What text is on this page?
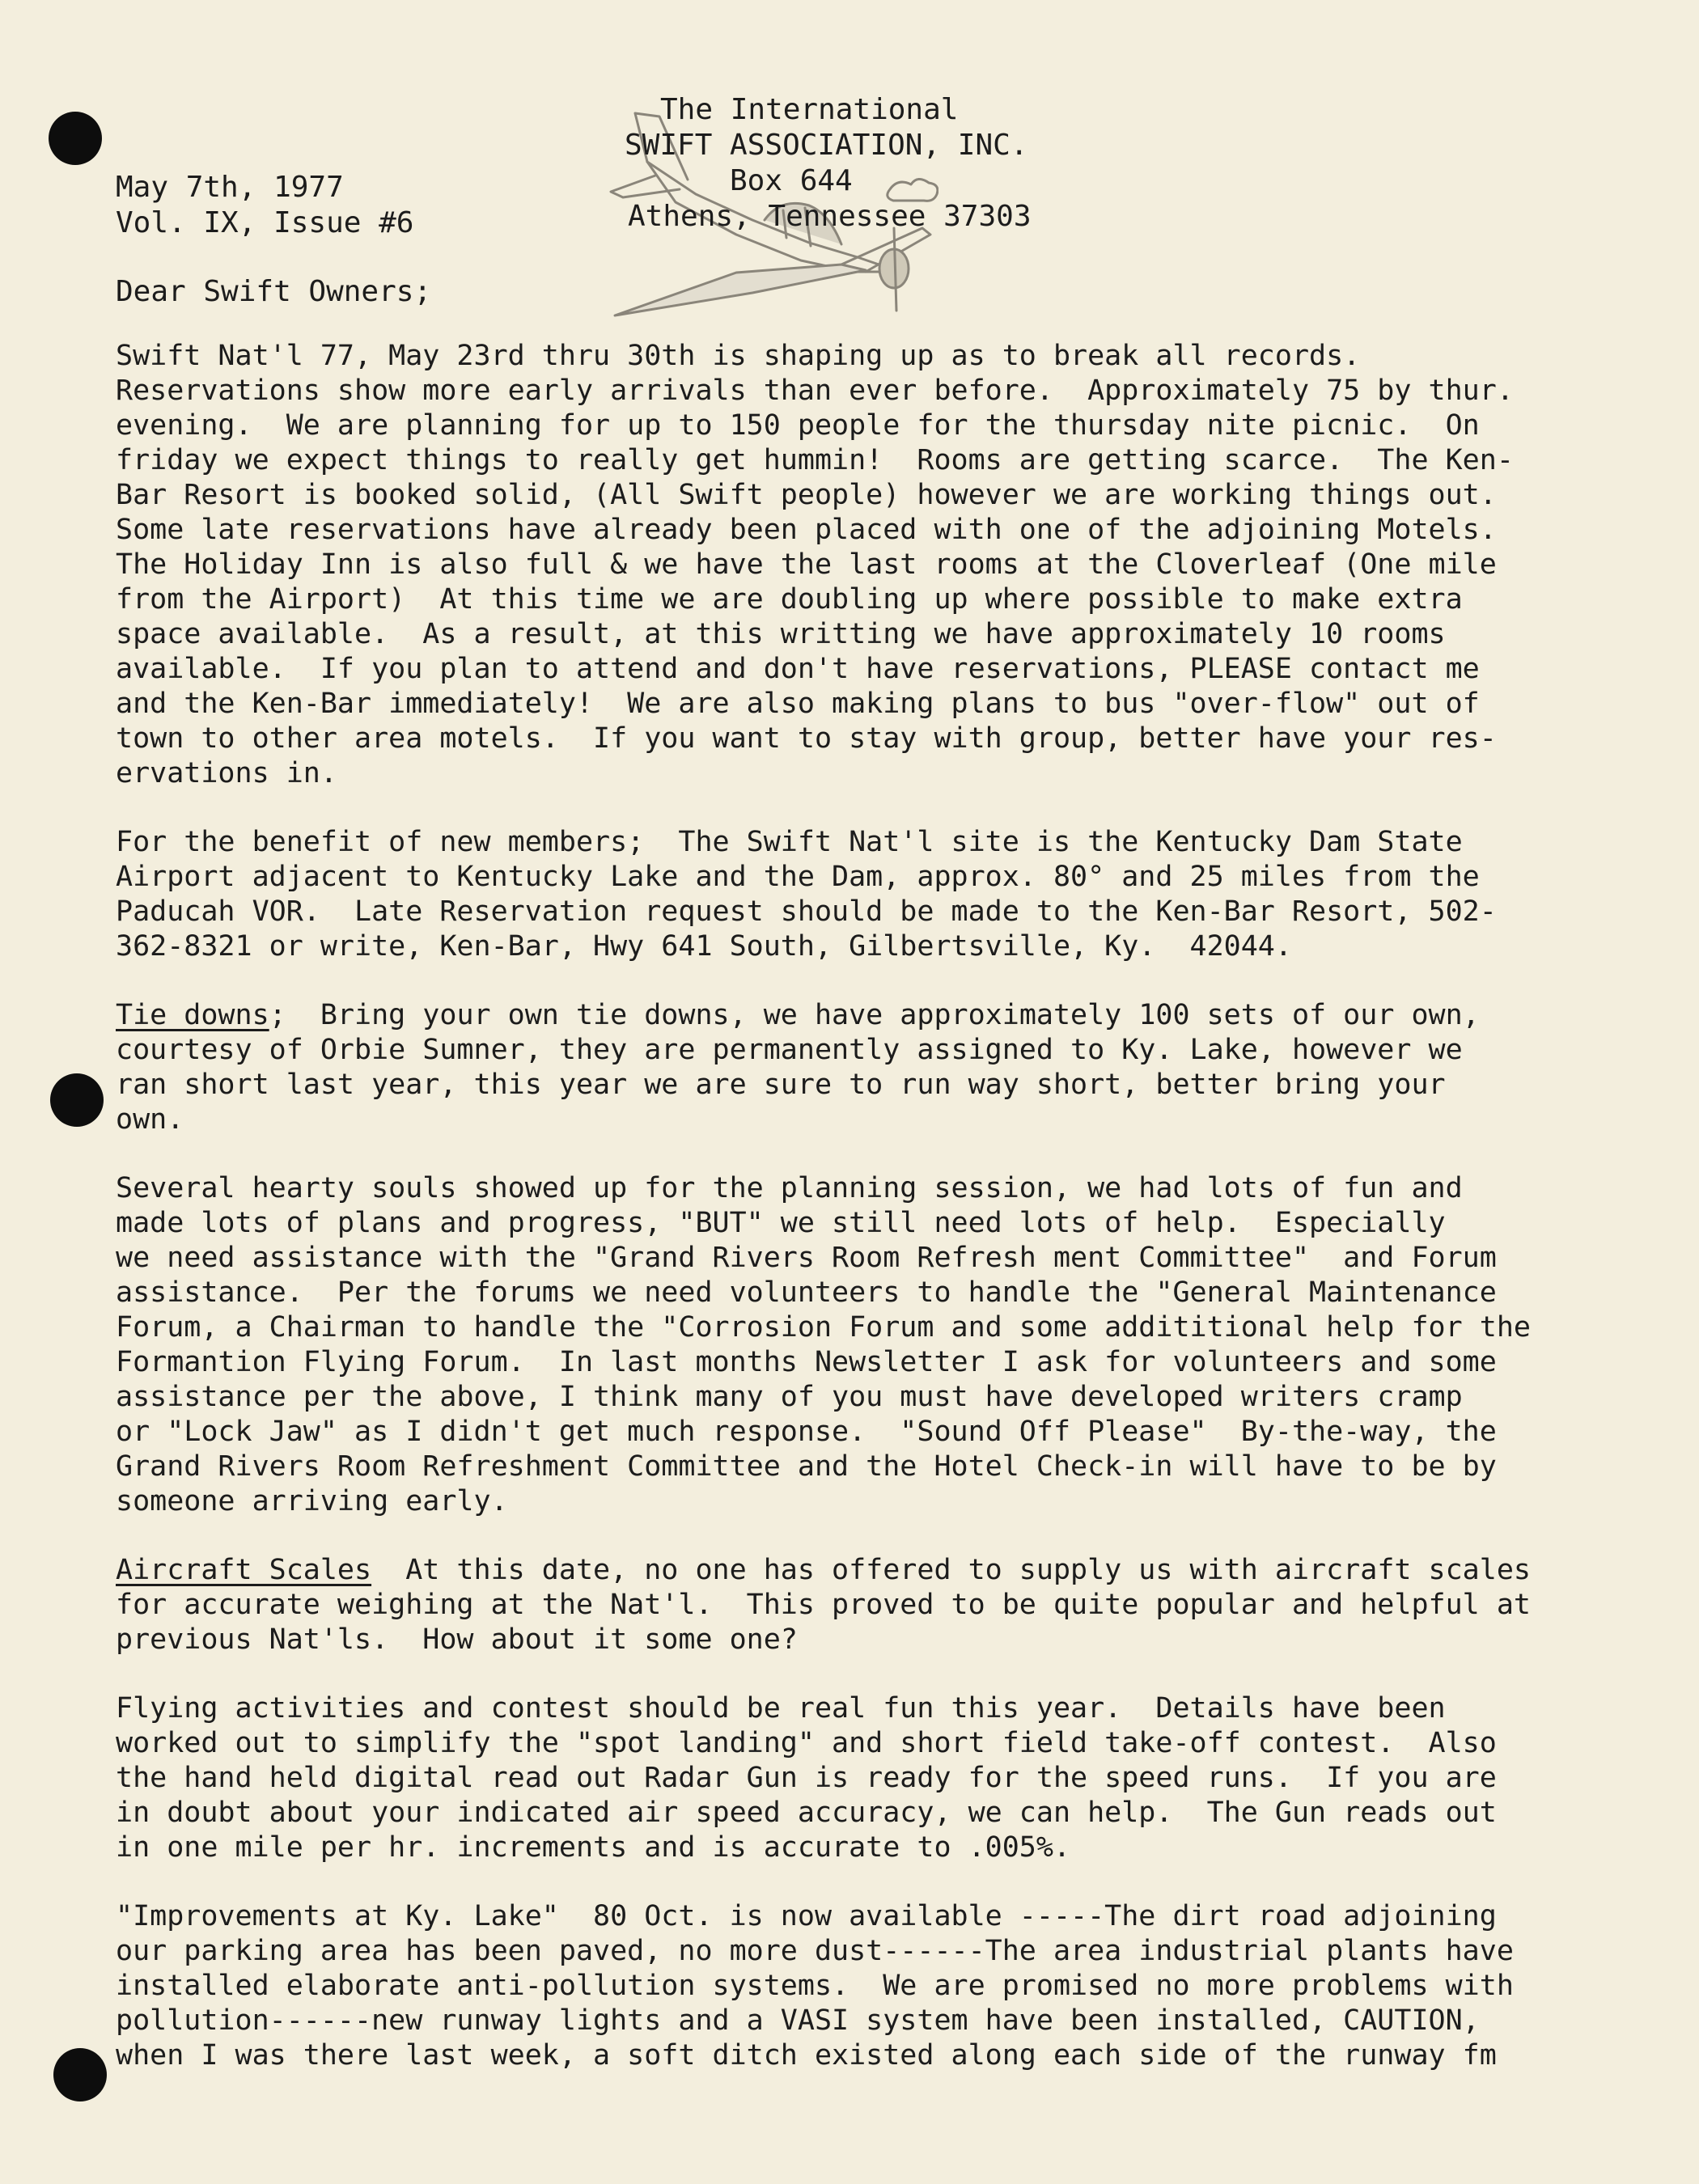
The International
SWIFT ASSOCIATION, INC.
Box 644
Athens, Tennessee 37303
May 7th, 1977
Vol. IX, Issue #6
Dear Swift Owners;
Swift Nat'l 77, May 23rd thru 30th is shaping up as to break all records.
Reservations show more early arrivals than ever before.  Approximately 75 by thur.
evening.  We are planning for up to 150 people for the thursday nite picnic.  On
friday we expect things to really get hummin!  Rooms are getting scarce.  The Ken-
Bar Resort is booked solid, (All Swift people) however we are working things out.
Some late reservations have already been placed with one of the adjoining Motels.
The Holiday Inn is also full & we have the last rooms at the Cloverleaf (One mile
from the Airport)  At this time we are doubling up where possible to make extra
space available.  As a result, at this writting we have approximately 10 rooms
available.  If you plan to attend and don't have reservations, PLEASE contact me
and the Ken-Bar immediately!  We are also making plans to bus "over-flow" out of
town to other area motels.  If you want to stay with group, better have your res-
ervations in.
For the benefit of new members;  The Swift Nat'l site is the Kentucky Dam State
Airport adjacent to Kentucky Lake and the Dam, approx. 80° and 25 miles from the
Paducah VOR.  Late Reservation request should be made to the Ken-Bar Resort, 502-
362-8321 or write, Ken-Bar, Hwy 641 South, Gilbertsville, Ky.  42044.
Tie downs;  Bring your own tie downs, we have approximately 100 sets of our own,
courtesy of Orbie Sumner, they are permanently assigned to Ky. Lake, however we
ran short last year, this year we are sure to run way short, better bring your
own.
Several hearty souls showed up for the planning session, we had lots of fun and
made lots of plans and progress, "BUT" we still need lots of help.  Especially
we need assistance with the "Grand Rivers Room Refresh ment Committee"  and Forum
assistance.  Per the forums we need volunteers to handle the "General Maintenance
Forum, a Chairman to handle the "Corrosion Forum and some addititional help for the
Formantion Flying Forum.  In last months Newsletter I ask for volunteers and some
assistance per the above, I think many of you must have developed writers cramp
or "Lock Jaw" as I didn't get much response.  "Sound Off Please"  By-the-way, the
Grand Rivers Room Refreshment Committee and the Hotel Check-in will have to be by
someone arriving early.
Aircraft Scales  At this date, no one has offered to supply us with aircraft scales
for accurate weighing at the Nat'l.  This proved to be quite popular and helpful at
previous Nat'ls.  How about it some one?
Flying activities and contest should be real fun this year.  Details have been
worked out to simplify the "spot landing" and short field take-off contest.  Also
the hand held digital read out Radar Gun is ready for the speed runs.  If you are
in doubt about your indicated air speed accuracy, we can help.  The Gun reads out
in one mile per hr. increments and is accurate to .005%.
"Improvements at Ky. Lake"  80 Oct. is now available -----The dirt road adjoining
our parking area has been paved, no more dust------The area industrial plants have
installed elaborate anti-pollution systems.  We are promised no more problems with
pollution------new runway lights and a VASI system have been installed, CAUTION,
when I was there last week, a soft ditch existed along each side of the runway fm
